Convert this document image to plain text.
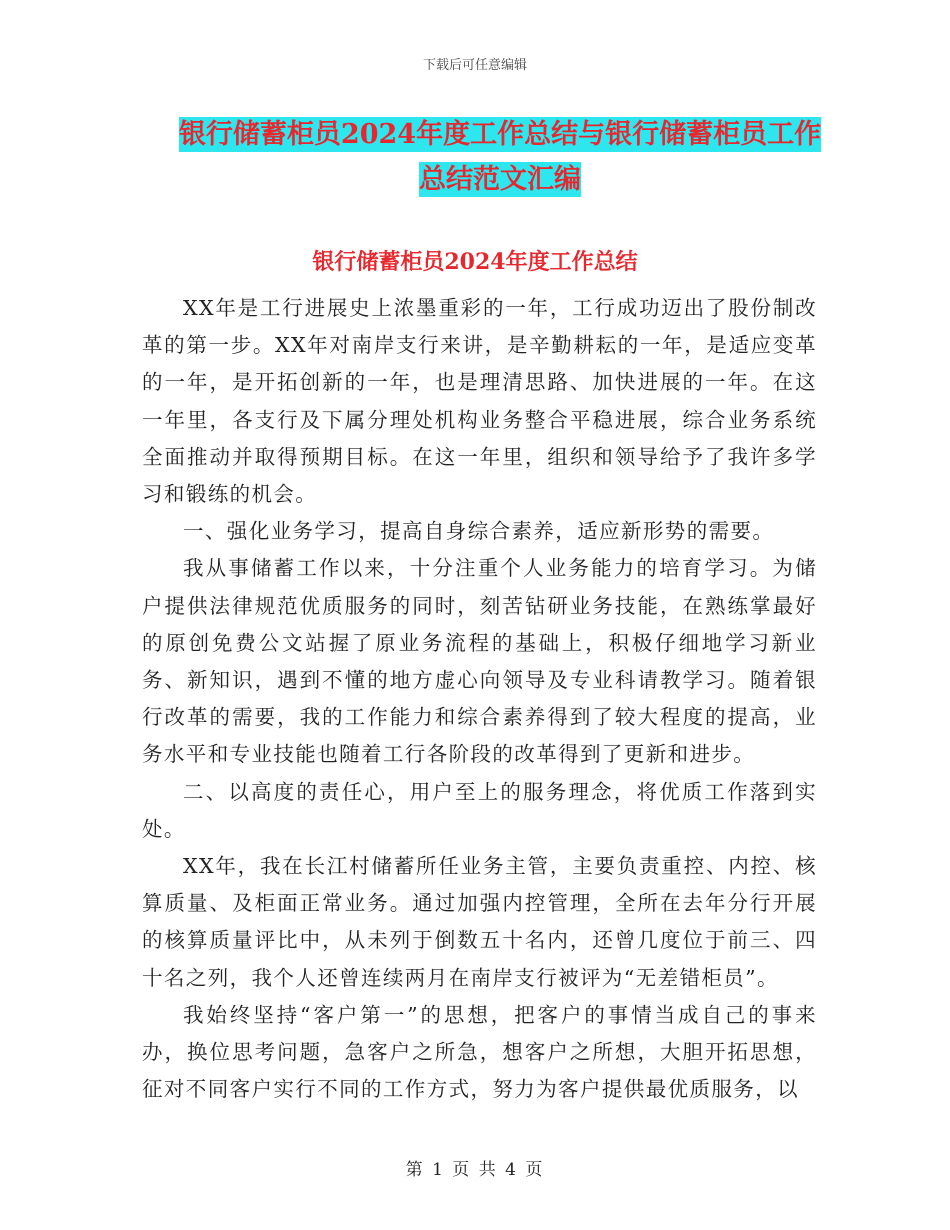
下载后可任意编辑
银行储蓄柜员2024年度工作总结与银行储蓄柜员工作
总结范文汇编
银行储蓄柜员2024年度工作总结

XX年是工行进展史上浓墨重彩的一年，工行成功迈出了股份制改革的第一步。XX年对南岸支行来讲，是辛勤耕耘的一年，是适应变革的一年，是开拓创新的一年，也是理清思路、加快进展的一年。在这一年里，各支行及下属分理处机构业务整合平稳进展，综合业务系统全面推动并取得预期目标。在这一年里，组织和领导给予了我许多学习和锻练的机会。

一、强化业务学习，提高自身综合素养，适应新形势的需要。

我从事储蓄工作以来，十分注重个人业务能力的培育学习。为储户提供法律规范优质服务的同时，刻苦钻研业务技能，在熟练掌最好的原创免费公文站握了原业务流程的基础上，积极仔细地学习新业务、新知识，遇到不懂的地方虚心向领导及专业科请教学习。随着银行改革的需要，我的工作能力和综合素养得到了较大程度的提高，业务水平和专业技能也随着工行各阶段的改革得到了更新和进步。

二、以高度的责任心，用户至上的服务理念，将优质工作落到实处。

XX年，我在长江村储蓄所任业务主管，主要负责重控、内控、核算质量、及柜面正常业务。通过加强内控管理，全所在去年分行开展的核算质量评比中，从未列于倒数五十名内，还曾几度位于前三、四十名之列，我个人还曾连续两月在南岸支行被评为“无差错柜员”。

我始终坚持“客户第一”的思想，把客户的事情当成自己的事来办，换位思考问题，急客户之所急，想客户之所想，大胆开拓思想，征对不同客户实行不同的工作方式，努力为客户提供最优质服务，以

第 1 页 共 4 页
